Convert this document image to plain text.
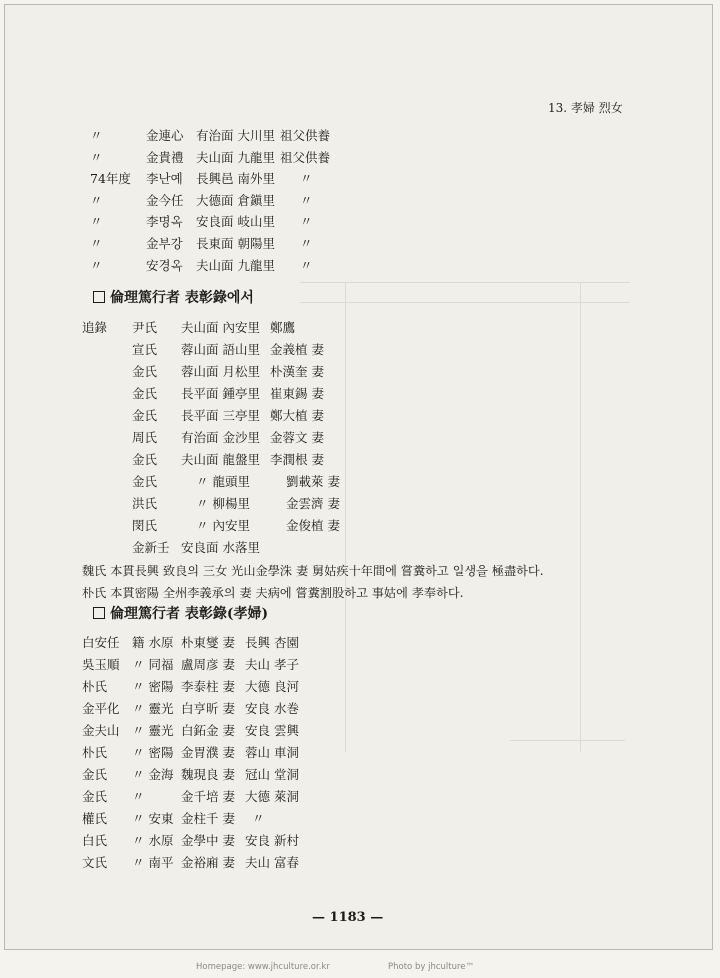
13. 孝婦 烈女
〃	金連心 有治面 大川里 祖父供養
〃	金貴禮 夫山面 九龍里 祖父供養
74年度 李난예 長興邑 南外里 〃
〃	金今任 大德面 倉鎭里 〃
〃	李명옥 安良面 岐山里 〃
〃	金부강 長東面 朝陽里 〃
〃	安경옥 夫山面 九龍里 〃
倫理篤行者 表彰錄에서
追錄 尹氏 夫山面 內安里 鄭鷹
宣氏 蓉山面 語山里 金義植 妻
金氏 蓉山面 月松里 朴漢奎 妻
金氏 長平面 鍾亭里 崔東錫 妻
金氏 長平面 三亭里 鄭大植 妻
周氏 有治面 金沙里 金蓉文 妻
金氏 夫山面 龍盤里 李潤根 妻
金氏	〃 龍頭里	劉載萊 妻
洪氏	〃 柳楊里	金雲濟 妻
閔氏	〃 內安里	金俊植 妻
金新壬 安良面 水落里
魏氏 本貫長興 致良의 三女 光山金學洙 妻 舅姑疾十年間에 嘗糞하고 일생을 極盡하다.
朴氏 本貫密陽 全州李義承의 妻 夫病에 嘗糞割股하고 事姑에 孝奉하다.
倫理篤行者 表彰錄(孝婦)
白安任 籍 水原 朴東燮 妻 長興 杏園
吳玉順 〃 同福 盧周彦 妻 夫山 孝子
朴氏 〃 密陽 李泰柱 妻 大德 良河
金平化 〃 靈光 白亨昕 妻 安良 水巻
金夫山 〃 靈光 白鉐金 妻 安良 雲興
朴氏 〃 密陽 金胃濮 妻 蓉山 車洞
金氏 〃 金海 魏現良 妻 冠山 堂洞
金氏 〃	金千培 妻 大德 萊洞
權氏 〃 安東 金柱千 妻 〃
白氏 〃 水原 金學中 妻 安良 新村
文氏 〃 南平 金裕廂 妻 夫山 富春
— 1183 —
Homepage: www.jhculture.or.kr	Photo by jhculture™
